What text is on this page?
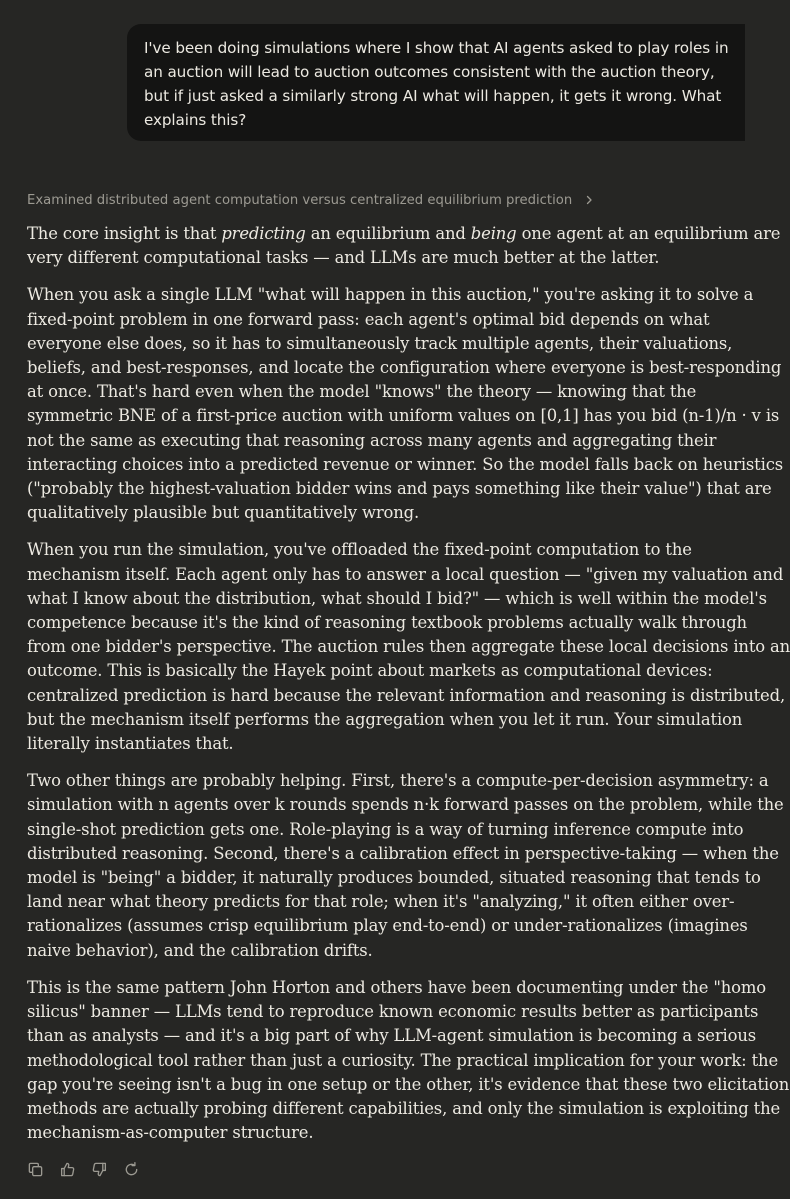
I've been doing simulations where I show that AI agents asked to play roles in
an auction will lead to auction outcomes consistent with the auction theory,
but if just asked a similarly strong AI what will happen, it gets it wrong. What
explains this?
Examined distributed agent computation versus centralized equilibrium prediction

The core insight is that predicting an equilibrium and being one agent at an equilibrium are
very different computational tasks — and LLMs are much better at the latter.

When you ask a single LLM "what will happen in this auction," you're asking it to solve a
fixed-point problem in one forward pass: each agent's optimal bid depends on what
everyone else does, so it has to simultaneously track multiple agents, their valuations,
beliefs, and best-responses, and locate the configuration where everyone is best-responding
at once. That's hard even when the model "knows" the theory — knowing that the
symmetric BNE of a first-price auction with uniform values on [0,1] has you bid (n-1)/n · v is
not the same as executing that reasoning across many agents and aggregating their
interacting choices into a predicted revenue or winner. So the model falls back on heuristics
("probably the highest-valuation bidder wins and pays something like their value") that are
qualitatively plausible but quantitatively wrong.

When you run the simulation, you've offloaded the fixed-point computation to the
mechanism itself. Each agent only has to answer a local question — "given my valuation and
what I know about the distribution, what should I bid?" — which is well within the model's
competence because it's the kind of reasoning textbook problems actually walk through
from one bidder's perspective. The auction rules then aggregate these local decisions into an
outcome. This is basically the Hayek point about markets as computational devices:
centralized prediction is hard because the relevant information and reasoning is distributed,
but the mechanism itself performs the aggregation when you let it run. Your simulation
literally instantiates that.

Two other things are probably helping. First, there's a compute-per-decision asymmetry: a
simulation with n agents over k rounds spends n·k forward passes on the problem, while the
single-shot prediction gets one. Role-playing is a way of turning inference compute into
distributed reasoning. Second, there's a calibration effect in perspective-taking — when the
model is "being" a bidder, it naturally produces bounded, situated reasoning that tends to
land near what theory predicts for that role; when it's "analyzing," it often either over-
rationalizes (assumes crisp equilibrium play end-to-end) or under-rationalizes (imagines
naive behavior), and the calibration drifts.

This is the same pattern John Horton and others have been documenting under the "homo
silicus" banner — LLMs tend to reproduce known economic results better as participants
than as analysts — and it's a big part of why LLM-agent simulation is becoming a serious
methodological tool rather than just a curiosity. The practical implication for your work: the
gap you're seeing isn't a bug in one setup or the other, it's evidence that these two elicitation
methods are actually probing different capabilities, and only the simulation is exploiting the
mechanism-as-computer structure.
